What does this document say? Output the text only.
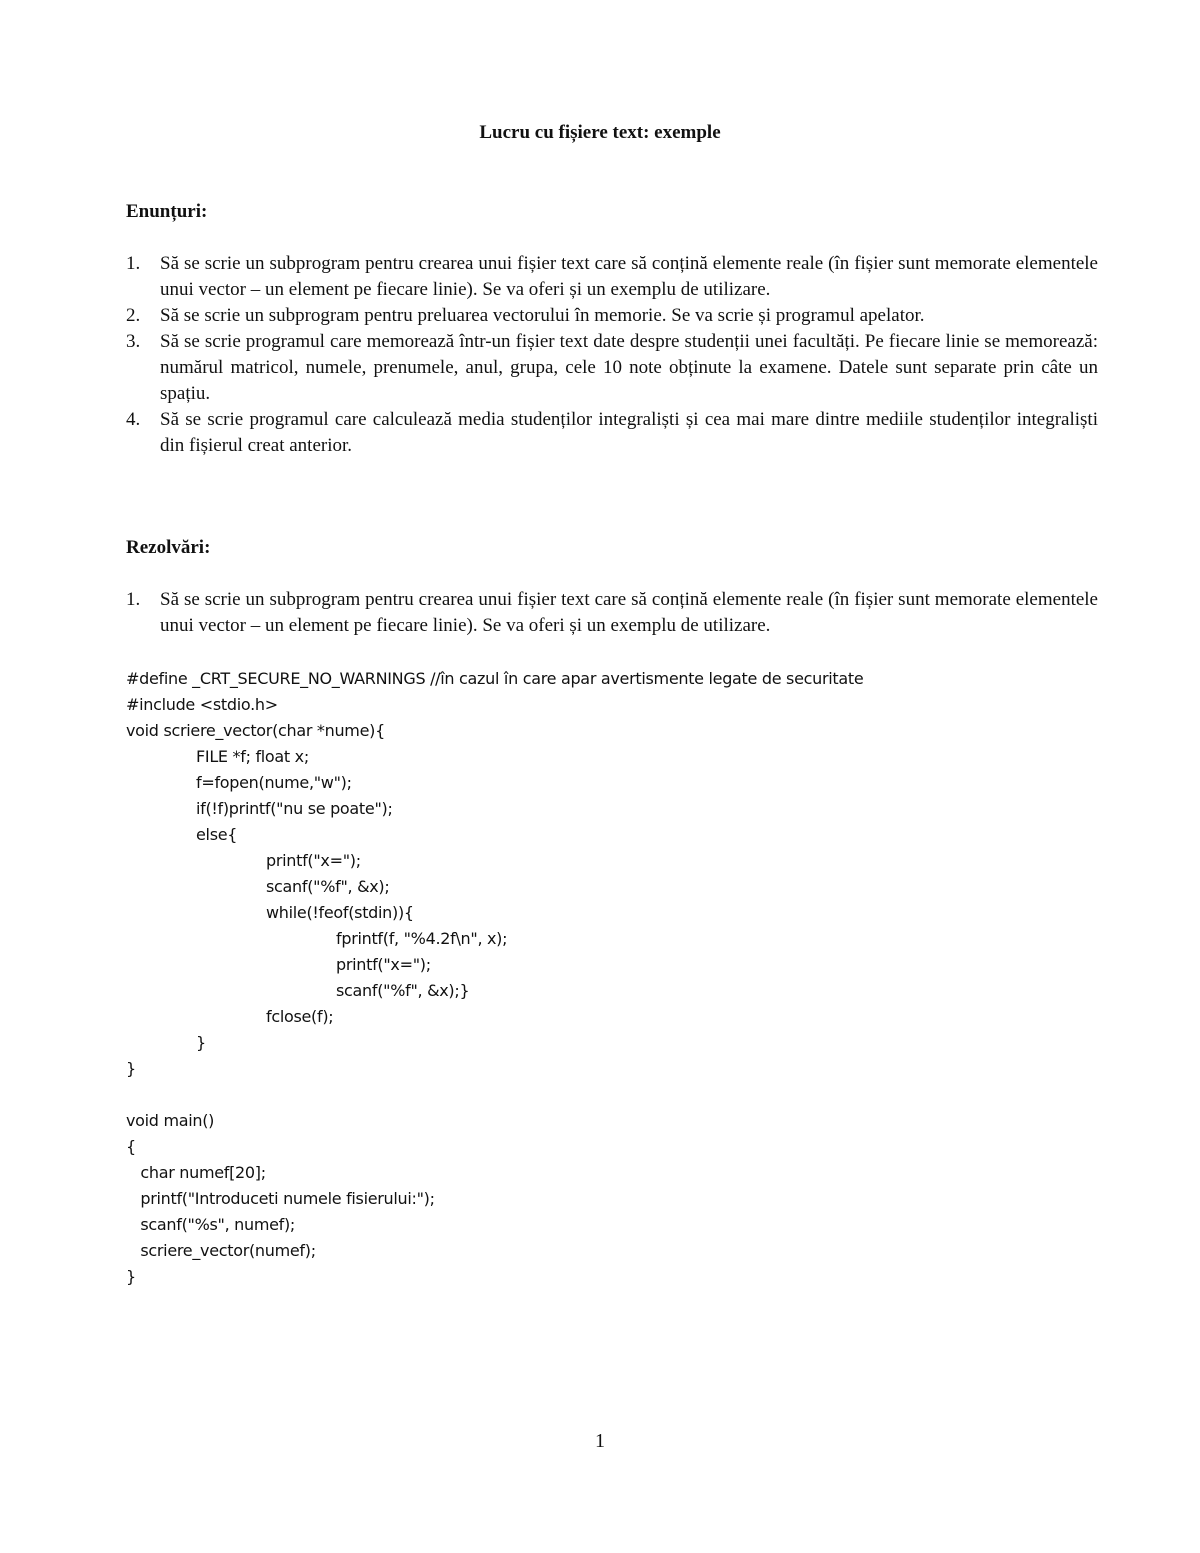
Lucru cu fișiere text: exemple
Enunțuri:
1. Să se scrie un subprogram pentru crearea unui fișier text care să conțină elemente reale (în fișier sunt memorate elementele unui vector – un element pe fiecare linie). Se va oferi și un exemplu de utilizare.
2. Să se scrie un subprogram pentru preluarea vectorului în memorie. Se va scrie și programul apelator.
3. Să se scrie programul care memorează într-un fișier text date despre studenții unei facultăți. Pe fiecare linie se memorează: numărul matricol, numele, prenumele, anul, grupa, cele 10 note obținute la examene. Datele sunt separate prin câte un spațiu.
4. Să se scrie programul care calculează media studenților integraliști și cea mai mare dintre mediile studenților integraliști din fișierul creat anterior.
Rezolvări:
1. Să se scrie un subprogram pentru crearea unui fișier text care să conțină elemente reale (în fișier sunt memorate elementele unui vector – un element pe fiecare linie). Se va oferi și un exemplu de utilizare.
#define _CRT_SECURE_NO_WARNINGS //în cazul în care apar avertismente legate de securitate
#include <stdio.h>
void scriere_vector(char *nume){
FILE *f; float x;
f=fopen(nume,"w");
if(!f)printf("nu se poate");
else{
printf("x=");
scanf("%f", &x);
while(!feof(stdin)){
fprintf(f, "%4.2f\n", x);
printf("x=");
scanf("%f", &x);}
fclose(f);
}
}
void main()
{
char numef[20];
printf("Introduceti numele fisierului:");
scanf("%s", numef);
scriere_vector(numef);
}
1
